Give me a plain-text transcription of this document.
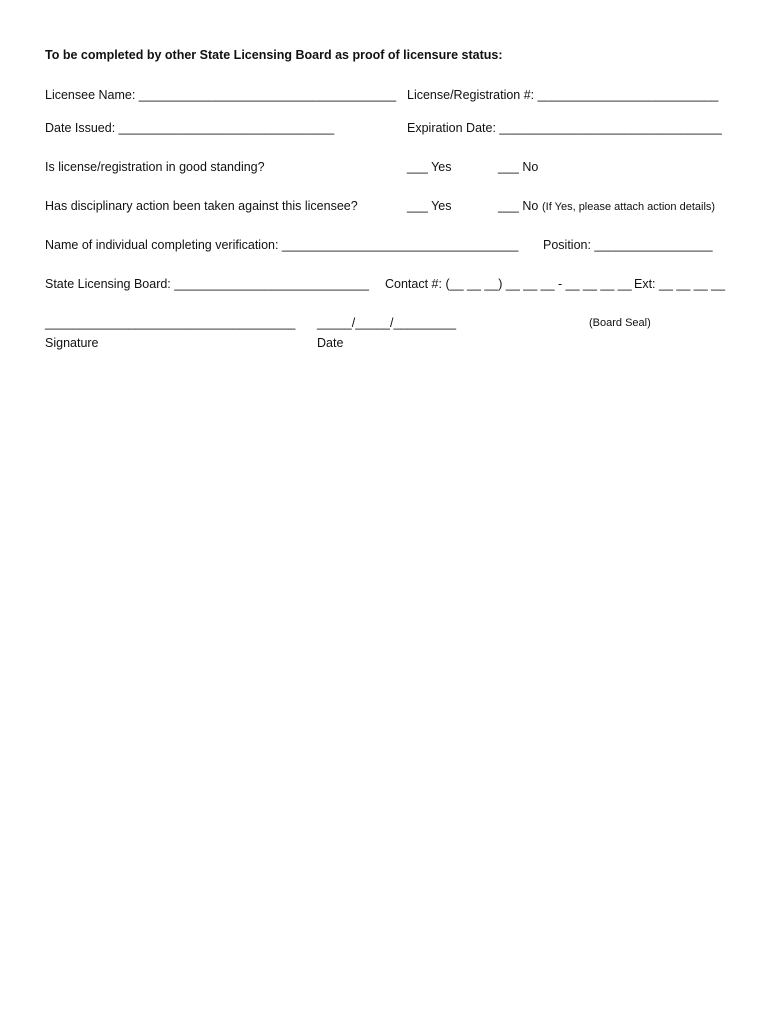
To be completed by other State Licensing Board as proof of licensure status:
Licensee Name: _____________________________________ License/Registration #: __________________________
Date Issued: _______________________________	Expiration Date: ________________________________
Is license/registration in good standing?	___ Yes	___ No
Has disciplinary action been taken against this licensee?	___ Yes	___ No (If Yes, please attach action details)
Name of individual completing verification: __________________________________ Position: _________________
State Licensing Board: ____________________________ Contact #: (__ __ __) __ __ __ - __ __ __ __ Ext: __ __ __ __
____________________________________ _____/_____/_________	(Board Seal)
Signature	Date
